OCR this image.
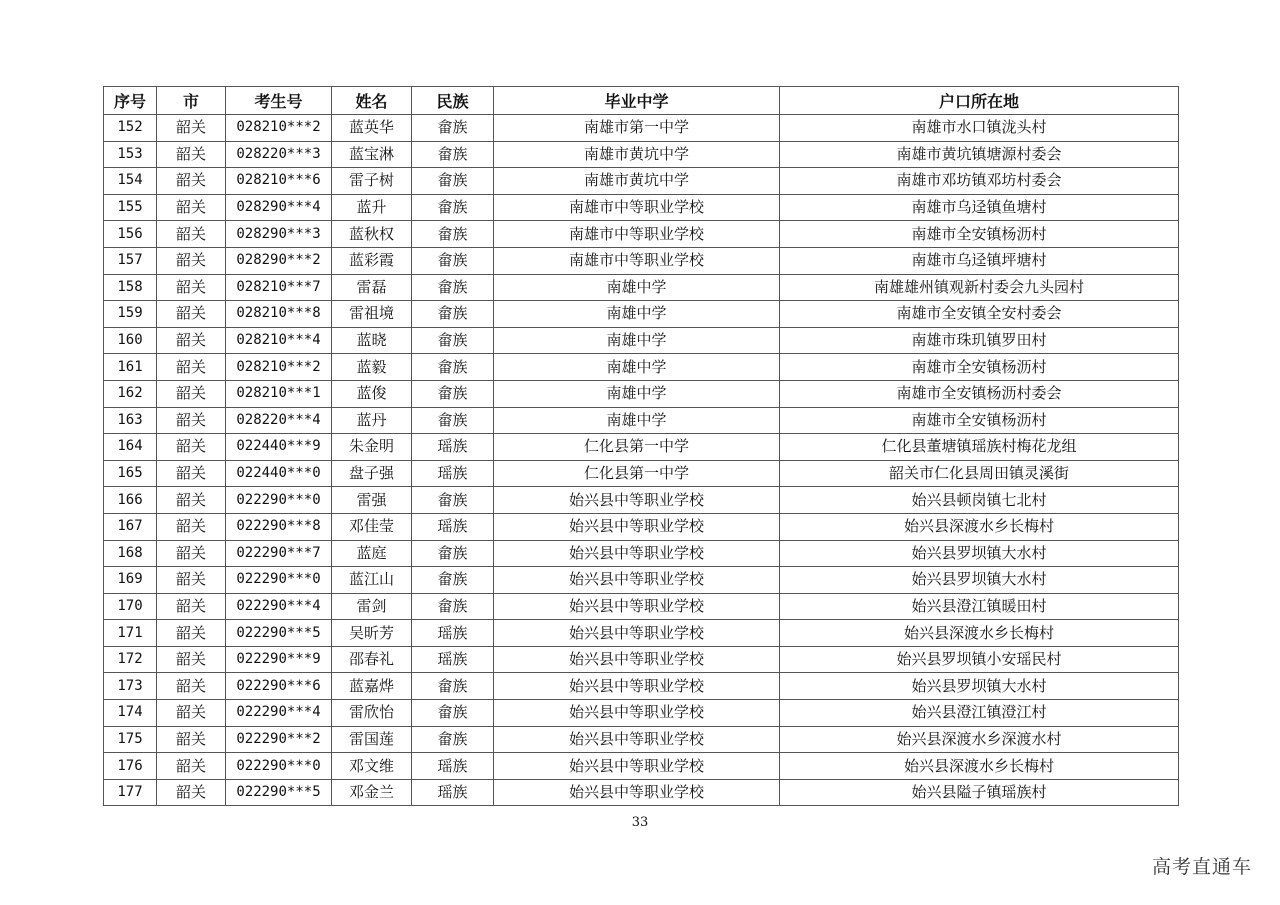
序号	市	考生号	姓名	民族	毕业中学	户口所在地
152	韶关	028210***2	蓝英华	畲族	南雄市第一中学	南雄市水口镇泷头村
153	韶关	028220***3	蓝宝淋	畲族	南雄市黄坑中学	南雄市黄坑镇塘源村委会
154	韶关	028210***6	雷子树	畲族	南雄市黄坑中学	南雄市邓坊镇邓坊村委会
155	韶关	028290***4	蓝升	畲族	南雄市中等职业学校	南雄市乌迳镇鱼塘村
156	韶关	028290***3	蓝秋权	畲族	南雄市中等职业学校	南雄市全安镇杨沥村
157	韶关	028290***2	蓝彩霞	畲族	南雄市中等职业学校	南雄市乌迳镇坪塘村
158	韶关	028210***7	雷磊	畲族	南雄中学	南雄雄州镇观新村委会九头园村
159	韶关	028210***8	雷祖境	畲族	南雄中学	南雄市全安镇全安村委会
160	韶关	028210***4	蓝晓	畲族	南雄中学	南雄市珠玑镇罗田村
161	韶关	028210***2	蓝毅	畲族	南雄中学	南雄市全安镇杨沥村
162	韶关	028210***1	蓝俊	畲族	南雄中学	南雄市全安镇杨沥村委会
163	韶关	028220***4	蓝丹	畲族	南雄中学	南雄市全安镇杨沥村
164	韶关	022440***9	朱金明	瑶族	仁化县第一中学	仁化县董塘镇瑶族村梅花龙组
165	韶关	022440***0	盘子强	瑶族	仁化县第一中学	韶关市仁化县周田镇灵溪街
166	韶关	022290***0	雷强	畲族	始兴县中等职业学校	始兴县顿岗镇七北村
167	韶关	022290***8	邓佳莹	瑶族	始兴县中等职业学校	始兴县深渡水乡长梅村
168	韶关	022290***7	蓝庭	畲族	始兴县中等职业学校	始兴县罗坝镇大水村
169	韶关	022290***0	蓝江山	畲族	始兴县中等职业学校	始兴县罗坝镇大水村
170	韶关	022290***4	雷剑	畲族	始兴县中等职业学校	始兴县澄江镇暖田村
171	韶关	022290***5	吴昕芳	瑶族	始兴县中等职业学校	始兴县深渡水乡长梅村
172	韶关	022290***9	邵春礼	瑶族	始兴县中等职业学校	始兴县罗坝镇小安瑶民村
173	韶关	022290***6	蓝嘉烨	畲族	始兴县中等职业学校	始兴县罗坝镇大水村
174	韶关	022290***4	雷欣怡	畲族	始兴县中等职业学校	始兴县澄江镇澄江村
175	韶关	022290***2	雷国莲	畲族	始兴县中等职业学校	始兴县深渡水乡深渡水村
176	韶关	022290***0	邓文维	瑶族	始兴县中等职业学校	始兴县深渡水乡长梅村
177	韶关	022290***5	邓金兰	瑶族	始兴县中等职业学校	始兴县隘子镇瑶族村
33
高考直通车
